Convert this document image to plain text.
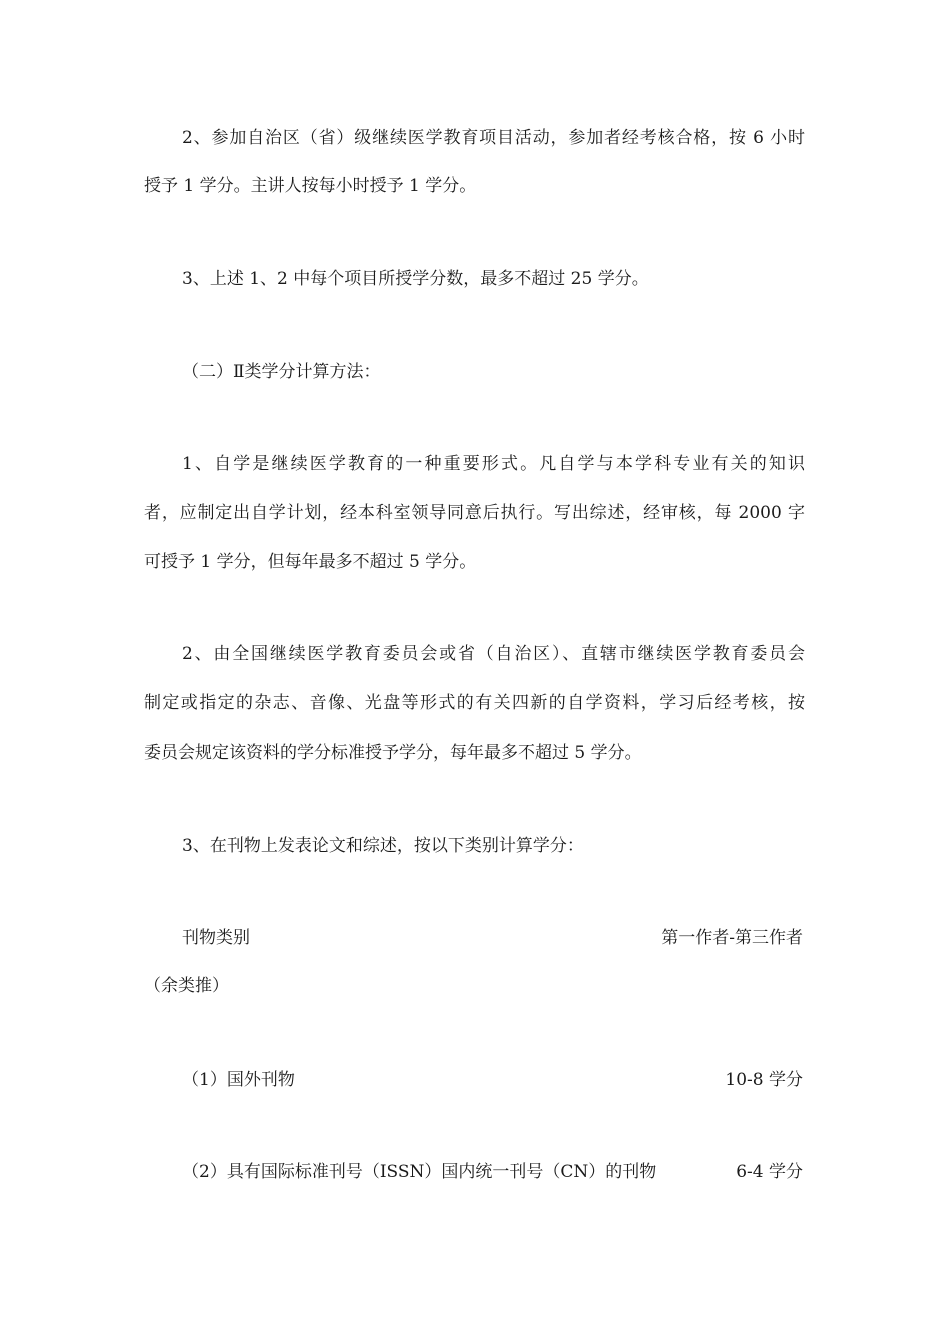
2、参加自治区（省）级继续医学教育项目活动，参加者经考核合格，按 6 小时
授予 1 学分。主讲人按每小时授予 1 学分。
3、上述 1、2 中每个项目所授学分数，最多不超过 25 学分。
（二）Ⅱ类学分计算方法：
1、自学是继续医学教育的一种重要形式。凡自学与本学科专业有关的知识
者，应制定出自学计划，经本科室领导同意后执行。写出综述，经审核，每 2000 字
可授予 1 学分，但每年最多不超过 5 学分。
2、由全国继续医学教育委员会或省（自治区）、直辖市继续医学教育委员会
制定或指定的杂志、音像、光盘等形式的有关四新的自学资料，学习后经考核，按
委员会规定该资料的学分标准授予学分，每年最多不超过 5 学分。
3、在刊物上发表论文和综述，按以下类别计算学分：
刊物类别	第一作者-第三作者
（余类推）
（1）国外刊物	10-8 学分
（2）具有国际标准刊号（ISSN）国内统一刊号（CN）的刊物	6-4 学分
